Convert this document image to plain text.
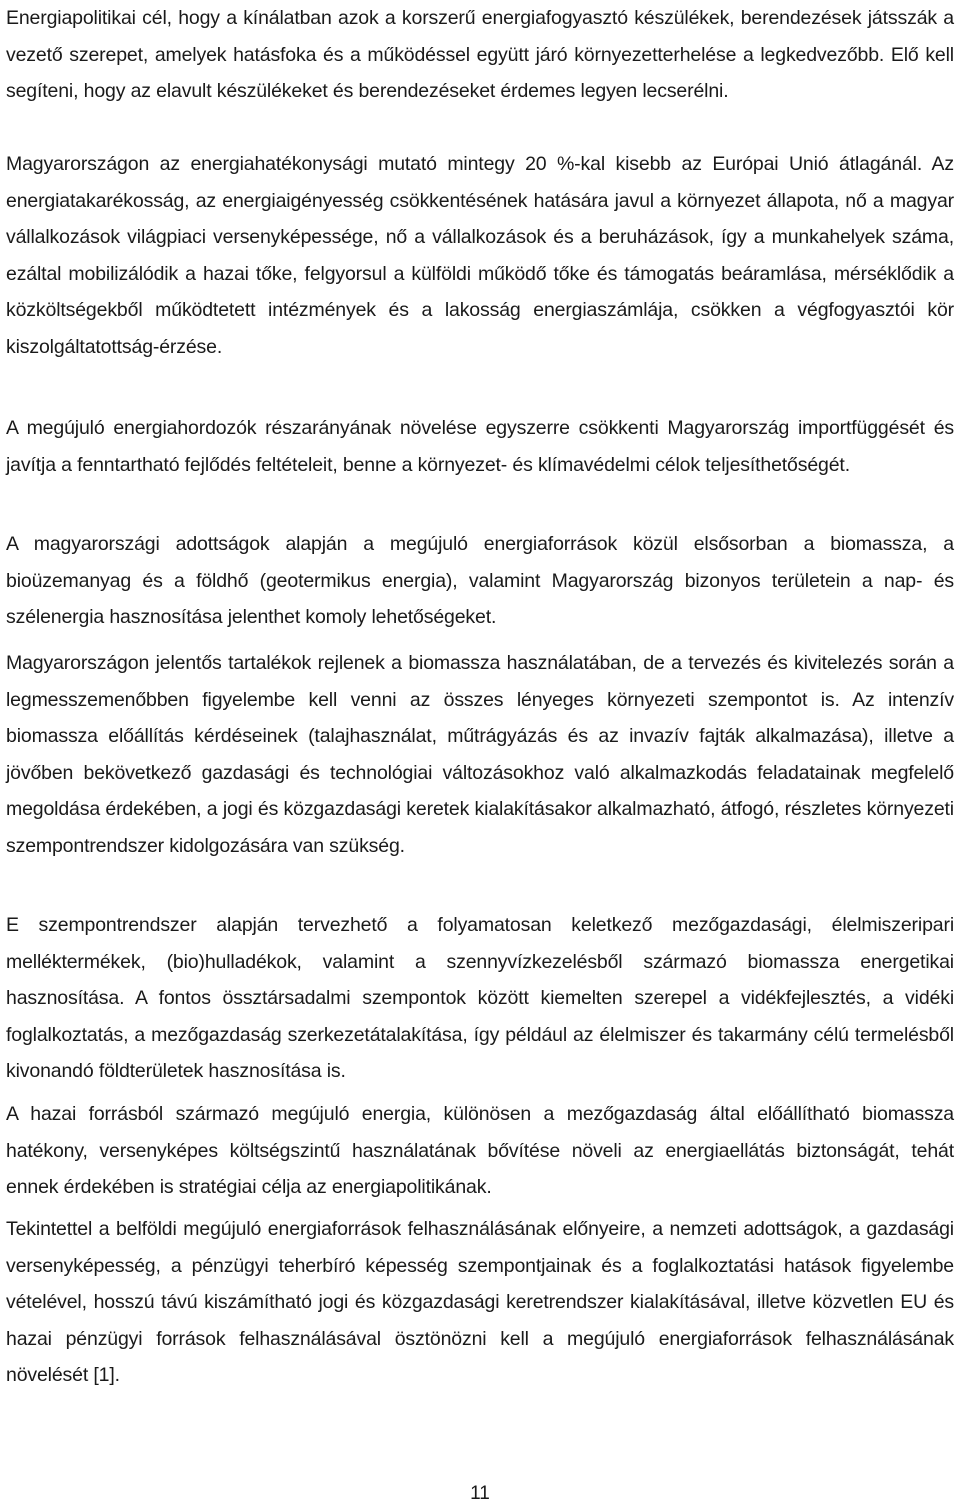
Energiapolitikai cél, hogy a kínálatban azok a korszerű energiafogyasztó készülékek, berendezések játsszák a vezető szerepet, amelyek hatásfoka és a működéssel együtt járó környezetterhelése a legkedvezőbb. Elő kell segíteni, hogy az elavult készülékeket és berendezéseket érdemes legyen lecserélni.

Magyarországon az energiahatékonysági mutató mintegy 20 %-kal kisebb az Európai Unió átlagánál. Az energiatakarékosság, az energiaigényesség csökkentésének hatására javul a környezet állapota, nő a magyar vállalkozások világpiaci versenyképessége, nő a vállalkozások és a beruházások, így a munkahelyek száma, ezáltal mobilizálódik a hazai tőke, felgyorsul a külföldi működő tőke és támogatás beáramlása, mérséklődik a közköltségekből működtetett intézmények és a lakosság energiaszámlája, csökken a végfogyasztói kör kiszolgáltatottság-érzése.

A megújuló energiahordozók részarányának növelése egyszerre csökkenti Magyarország importfüggését és javítja a fenntartható fejlődés feltételeit, benne a környezet- és klímavédelmi célok teljesíthetőségét.

A magyarországi adottságok alapján a megújuló energiaforrások közül elsősorban a biomassza, a bioüzemanyag és a földhő (geotermikus energia), valamint Magyarország bizonyos területein a nap- és szélenergia hasznosítása jelenthet komoly lehetőségeket.

Magyarországon jelentős tartalékok rejlenek a biomassza használatában, de a tervezés és kivitelezés során a legmesszemenőbben figyelembe kell venni az összes lényeges környezeti szempontot is. Az intenzív biomassza előállítás kérdéseinek (talajhasználat, műtrágyázás és az invazív fajták alkalmazása), illetve a jövőben bekövetkező gazdasági és technológiai változásokhoz való alkalmazkodás feladatainak megfelelő megoldása érdekében, a jogi és közgazdasági keretek kialakításakor alkalmazható, átfogó, részletes környezeti szempontrendszer kidolgozására van szükség.

E szempontrendszer alapján tervezhető a folyamatosan keletkező mezőgazdasági, élelmiszeripari melléktermékek, (bio)hulladékok, valamint a szennyvízkezelésből származó biomassza energetikai hasznosítása. A fontos össztársadalmi szempontok között kiemelten szerepel a vidékfejlesztés, a vidéki foglalkoztatás, a mezőgazdaság szerkezetátalakítása, így például az élelmiszer és takarmány célú termelésből kivonandó földterületek hasznosítása is.

A hazai forrásból származó megújuló energia, különösen a mezőgazdaság által előállítható biomassza hatékony, versenyképes költségszintű használatának bővítése növeli az energiaellátás biztonságát, tehát ennek érdekében is stratégiai célja az energiapolitikának.

Tekintettel a belföldi megújuló energiaforrások felhasználásának előnyeire, a nemzeti adottságok, a gazdasági versenyképesség, a pénzügyi teherbíró képesség szempontjainak és a foglalkoztatási hatások figyelembe vételével, hosszú távú kiszámítható jogi és közgazdasági keretrendszer kialakításával, illetve közvetlen EU és hazai pénzügyi források felhasználásával ösztönözni kell a megújuló energiaforrások felhasználásának növelését [1].

11
